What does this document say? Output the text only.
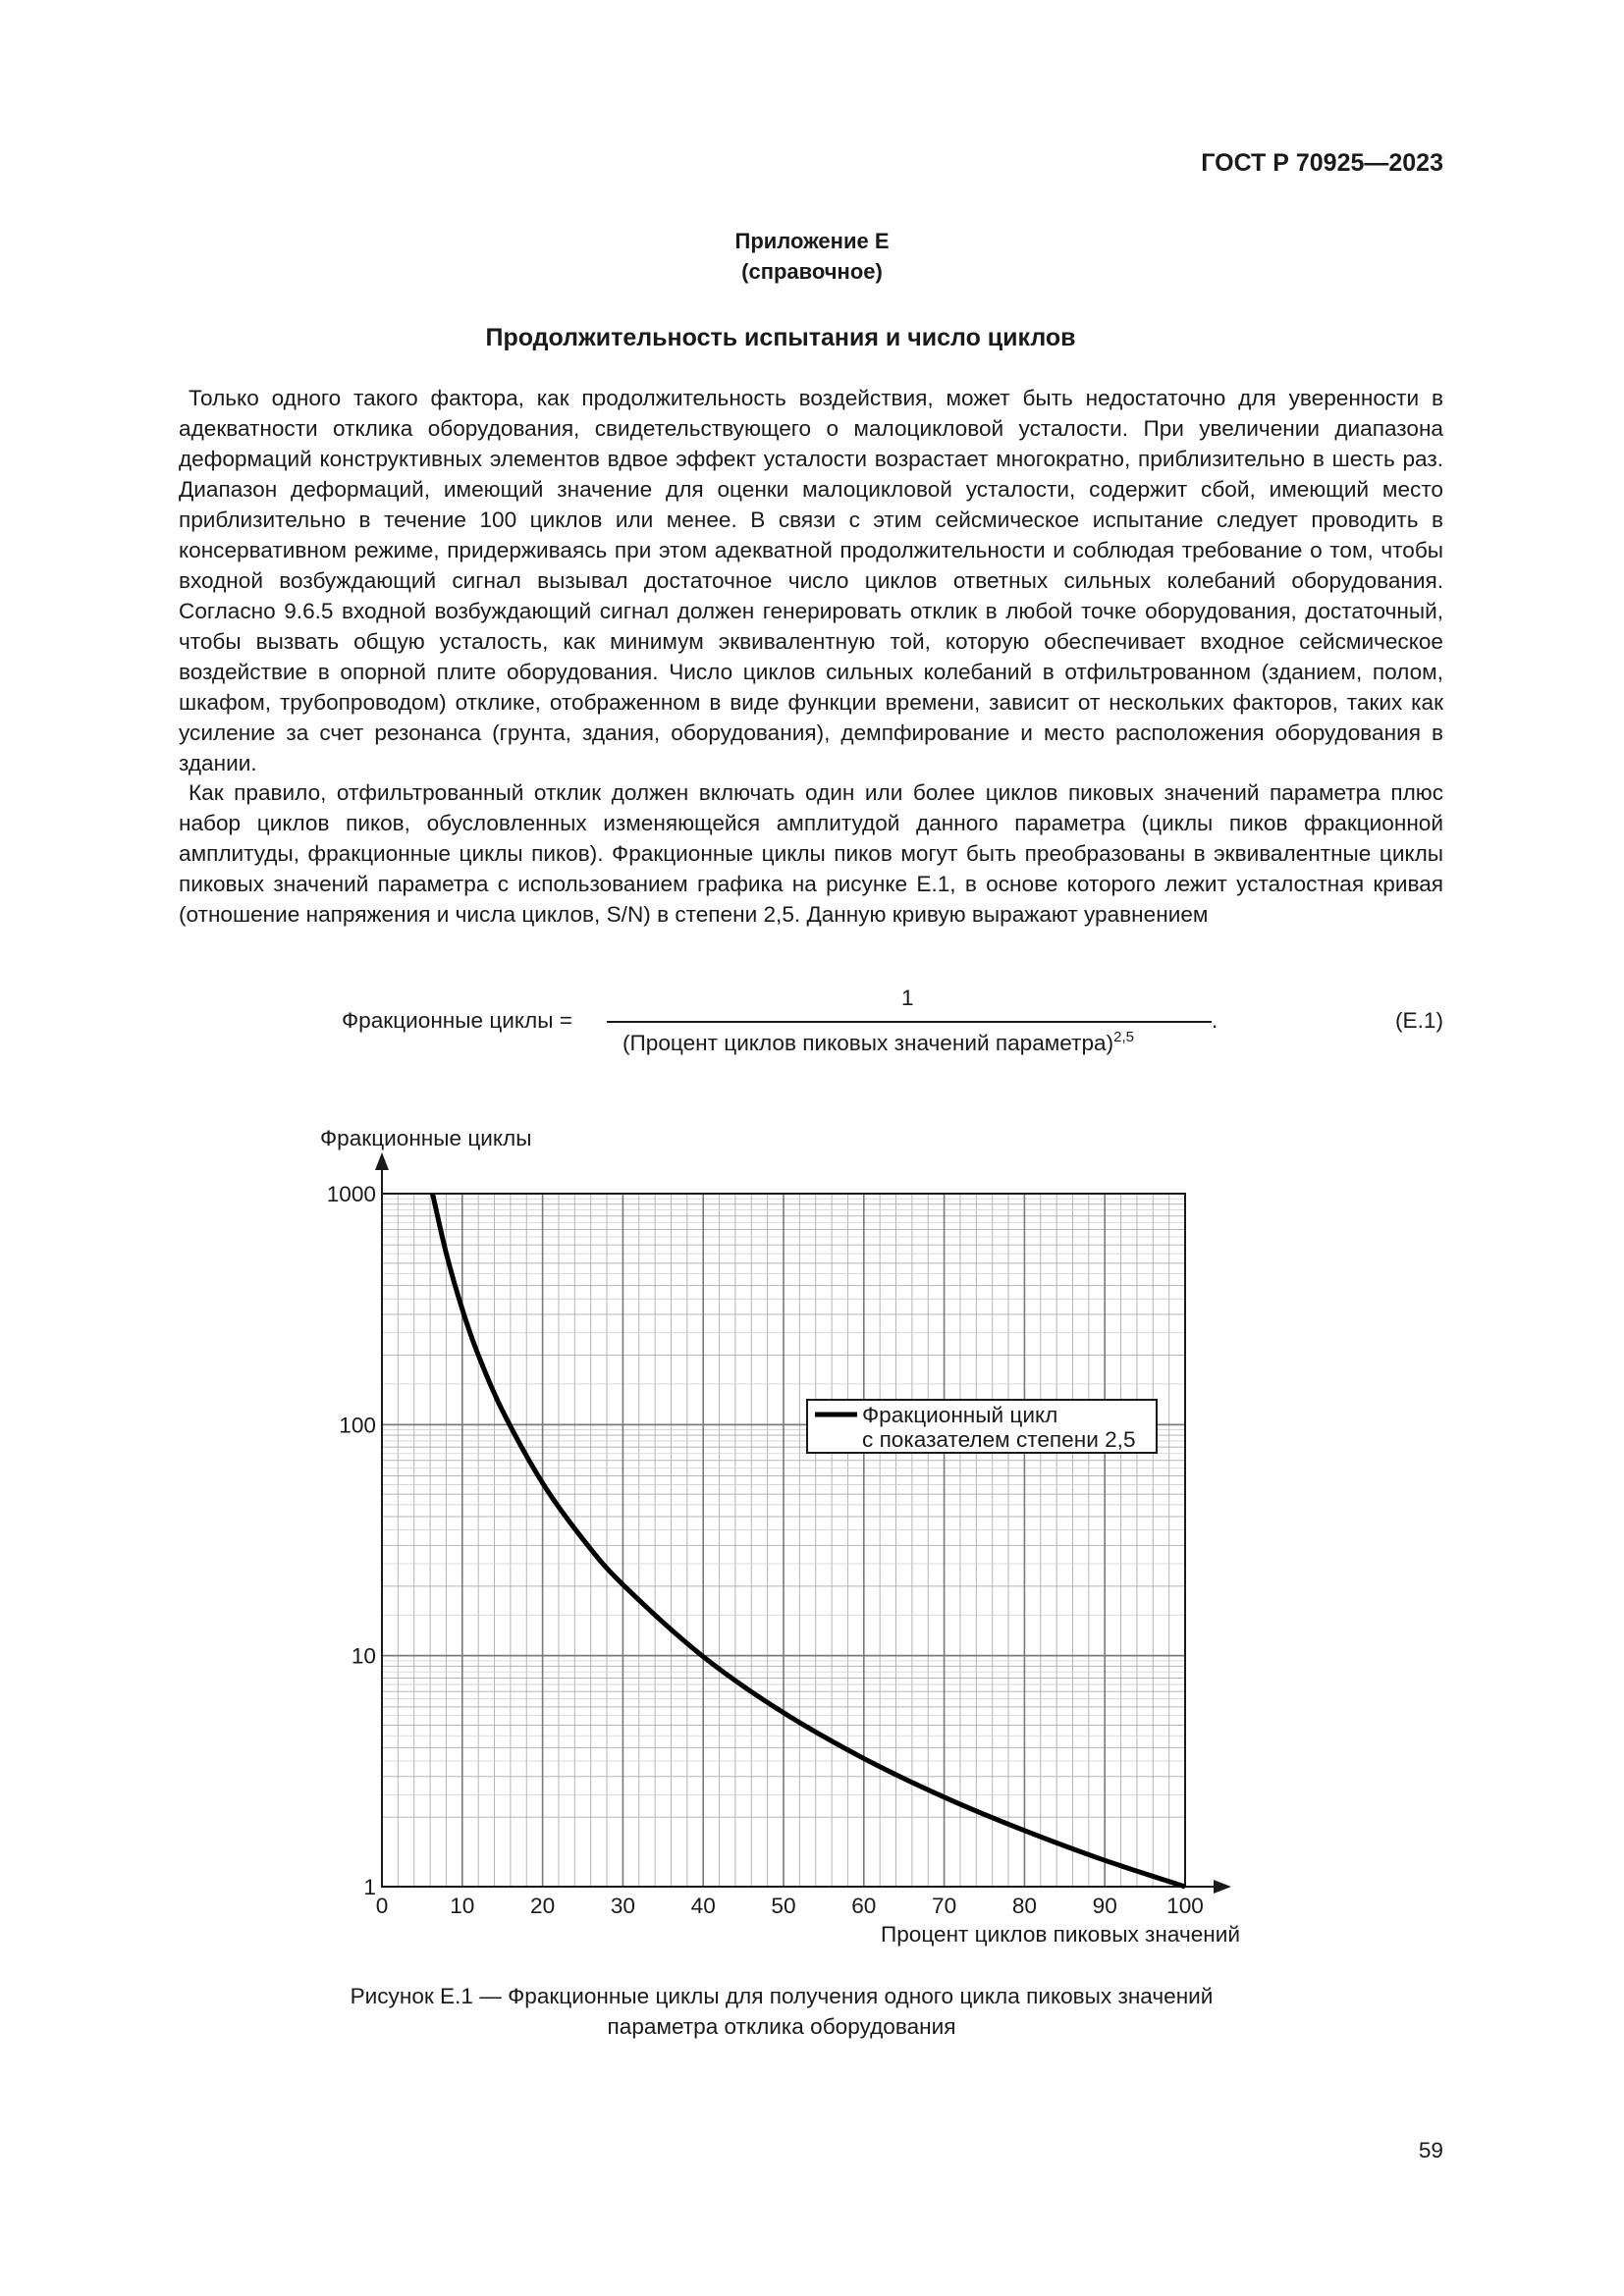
ГОСТ Р 70925—2023
Приложение Е
(справочное)
Продолжительность испытания и число циклов

Только одного такого фактора, как продолжительность воздействия, может быть недостаточно для уверенности в адекватности отклика оборудования, свидетельствующего о малоцикловой усталости. При увеличении диапазона деформаций конструктивных элементов вдвое эффект усталости возрастает многократно, приблизительно в шесть раз. Диапазон деформаций, имеющий значение для оценки малоцикловой усталости, содержит сбой, имеющий место приблизительно в течение 100 циклов или менее. В связи с этим сейсмическое испытание следует проводить в консервативном режиме, придерживаясь при этом адекватной продолжительности и соблюдая требование о том, чтобы входной возбуждающий сигнал вызывал достаточное число циклов ответных сильных колебаний оборудования. Согласно 9.6.5 входной возбуждающий сигнал должен генерировать отклик в любой точке оборудования, достаточный, чтобы вызвать общую усталость, как минимум эквивалентную той, которую обеспечивает входное сейсмическое воздействие в опорной плите оборудования. Число циклов сильных колебаний в отфильтрованном (зданием, полом, шкафом, трубопроводом) отклике, отображенном в виде функции времени, зависит от нескольких факторов, таких как усиление за счет резонанса (грунта, здания, оборудования), демпфирование и место расположения оборудования в здании.

Как правило, отфильтрованный отклик должен включать один или более циклов пиковых значений параметра плюс набор циклов пиков, обусловленных изменяющейся амплитудой данного параметра (циклы пиков фракционной амплитуды, фракционные циклы пиков). Фракционные циклы пиков могут быть преобразованы в эквивалентные циклы пиковых значений параметра с использованием графика на рисунке Е.1, в основе которого лежит усталостная кривая (отношение напряжения и числа циклов, S/N) в степени 2,5. Данную кривую выражают уравнением

Фракционные циклы =
1
(Процент циклов пиковых значений параметра)$^{2,5}$
.	(Е.1)
0	10	20	30	40	50	60	70	80	90 100
1
10
100
1000
Фракционные циклы
Процент циклов пиковых значений
Фракционный цикл
с показателем степени 2,5
Рисунок Е.1 — Фракционные циклы для получения одного цикла пиковых значений
параметра отклика оборудования
59
